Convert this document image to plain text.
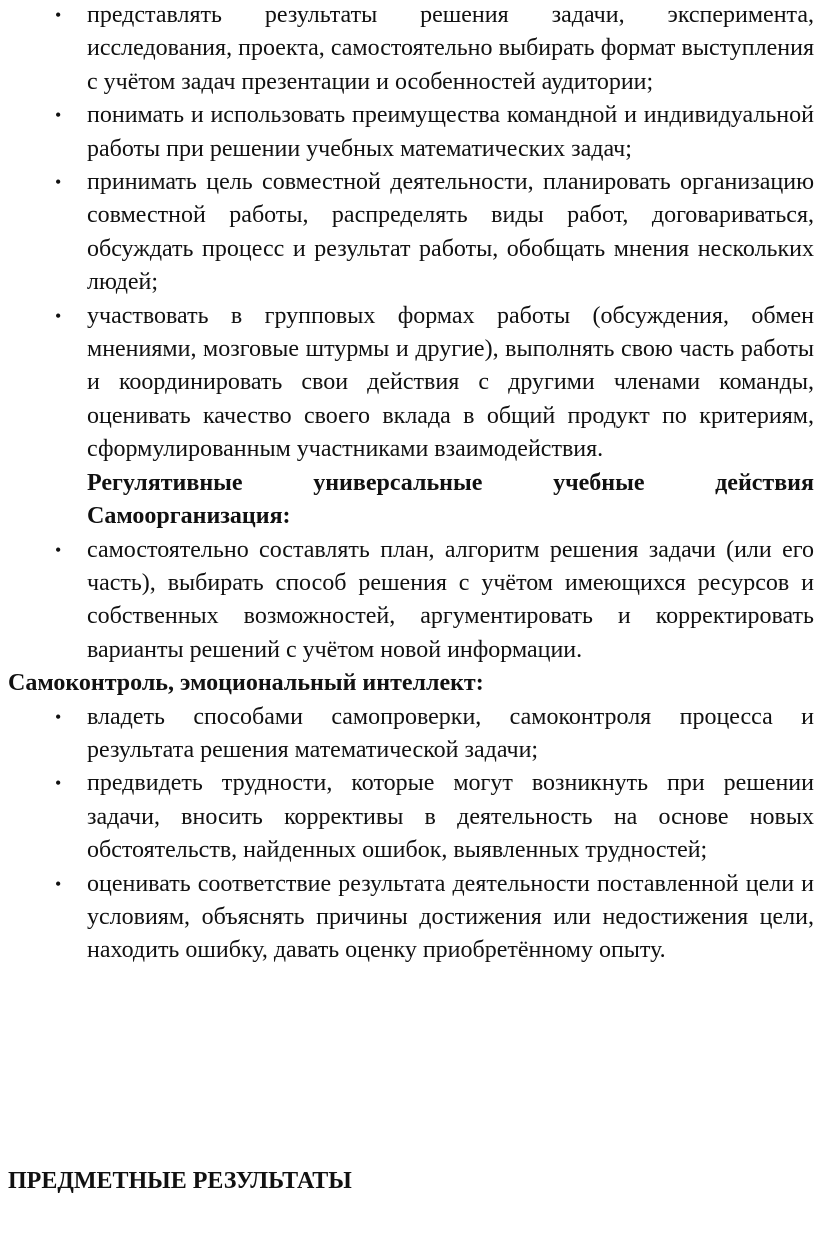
• представлять результаты решения задачи, эксперимента, исследования, проекта, самостоятельно выбирать формат выступления с учётом задач презентации и особенностей аудитории;
• понимать и использовать преимущества командной и индивидуальной работы при решении учебных математических задач;
• принимать цель совместной деятельности, планировать организацию совместной работы, распределять виды работ, договариваться, обсуждать процесс и результат работы, обобщать мнения нескольких людей;
• участвовать в групповых формах работы (обсуждения, обмен мнениями, мозговые штурмы и другие), выполнять свою часть работы и координировать свои действия с другими членами команды, оценивать качество своего вклада в общий продукт по критериям, сформулированным участниками взаимодействия.
Регулятивные универсальные учебные действия
Самоорганизация:
• самостоятельно составлять план, алгоритм решения задачи (или его часть), выбирать способ решения с учётом имеющихся ресурсов и собственных возможностей, аргументировать и корректировать варианты решений с учётом новой информации.
Самоконтроль, эмоциональный интеллект:
• владеть способами самопроверки, самоконтроля процесса и результата решения математической задачи;
• предвидеть трудности, которые могут возникнуть при решении задачи, вносить коррективы в деятельность на основе новых обстоятельств, найденных ошибок, выявленных трудностей;
• оценивать соответствие результата деятельности поставленной цели и условиям, объяснять причины достижения или недостижения цели, находить ошибку, давать оценку приобретённому опыту.
ПРЕДМЕТНЫЕ РЕЗУЛЬТАТЫ
